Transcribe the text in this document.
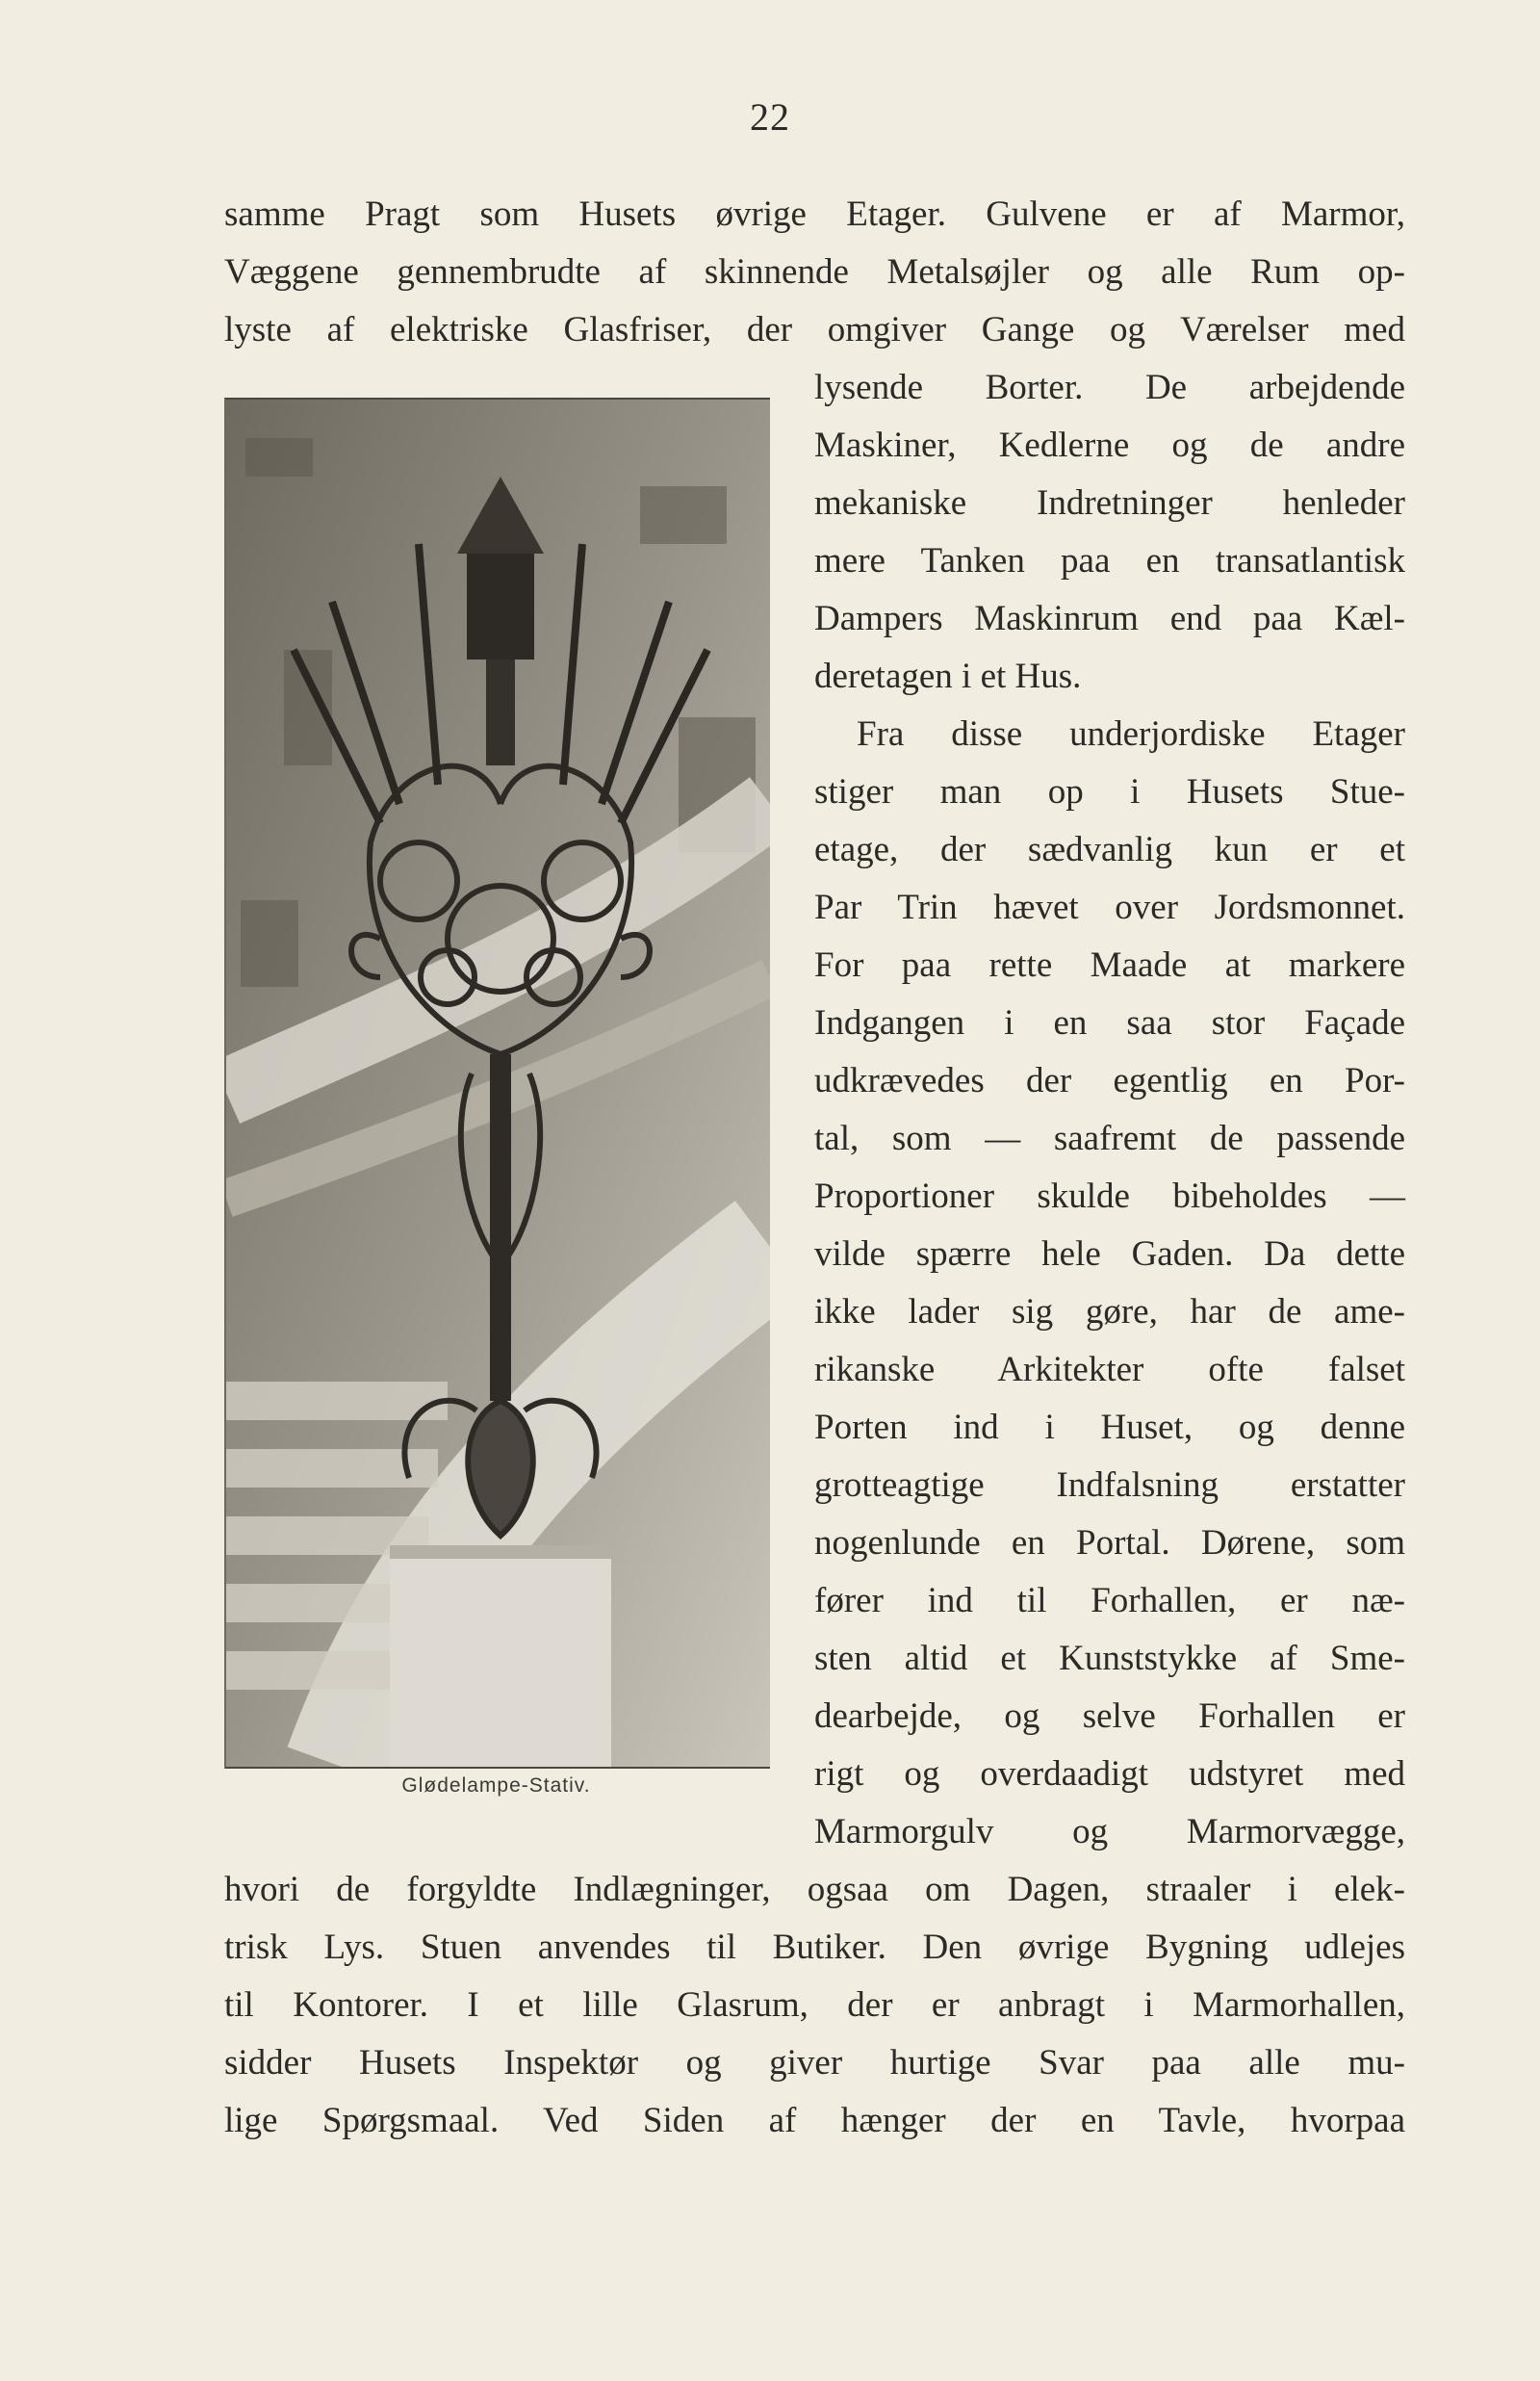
22
samme Pragt som Husets øvrige Etager. Gulvene er af Marmor,
Væggene gennembrudte af skinnende Metalsøjler og alle Rum op-
lyste af elektriske Glasfriser, der omgiver Gange og Værelser med
Glødelampe-Stativ.
lysende Borter. De arbejdende
Maskiner, Kedlerne og de andre
mekaniske Indretninger henleder
mere Tanken paa en transatlantisk
Dampers Maskinrum end paa Kæl-
deretagen i et Hus.
Fra disse underjordiske Etager
stiger man op i Husets Stue-
etage, der sædvanlig kun er et
Par Trin hævet over Jordsmonnet.
For paa rette Maade at markere
Indgangen i en saa stor Façade
udkrævedes der egentlig en Por-
tal, som — saafremt de passende
Proportioner skulde bibeholdes —
vilde spærre hele Gaden. Da dette
ikke lader sig gøre, har de ame-
rikanske Arkitekter ofte falset
Porten ind i Huset, og denne
grotteagtige Indfalsning erstatter
nogenlunde en Portal. Dørene, som
fører ind til Forhallen, er næ-
sten altid et Kunststykke af Sme-
dearbejde, og selve Forhallen er
rigt og overdaadigt udstyret med
Marmorgulv og Marmorvægge,
hvori de forgyldte Indlægninger, ogsaa om Dagen, straaler i elek-
trisk Lys. Stuen anvendes til Butiker. Den øvrige Bygning udlejes
til Kontorer. I et lille Glasrum, der er anbragt i Marmorhallen,
sidder Husets Inspektør og giver hurtige Svar paa alle mu-
lige Spørgsmaal. Ved Siden af hænger der en Tavle, hvorpaa
